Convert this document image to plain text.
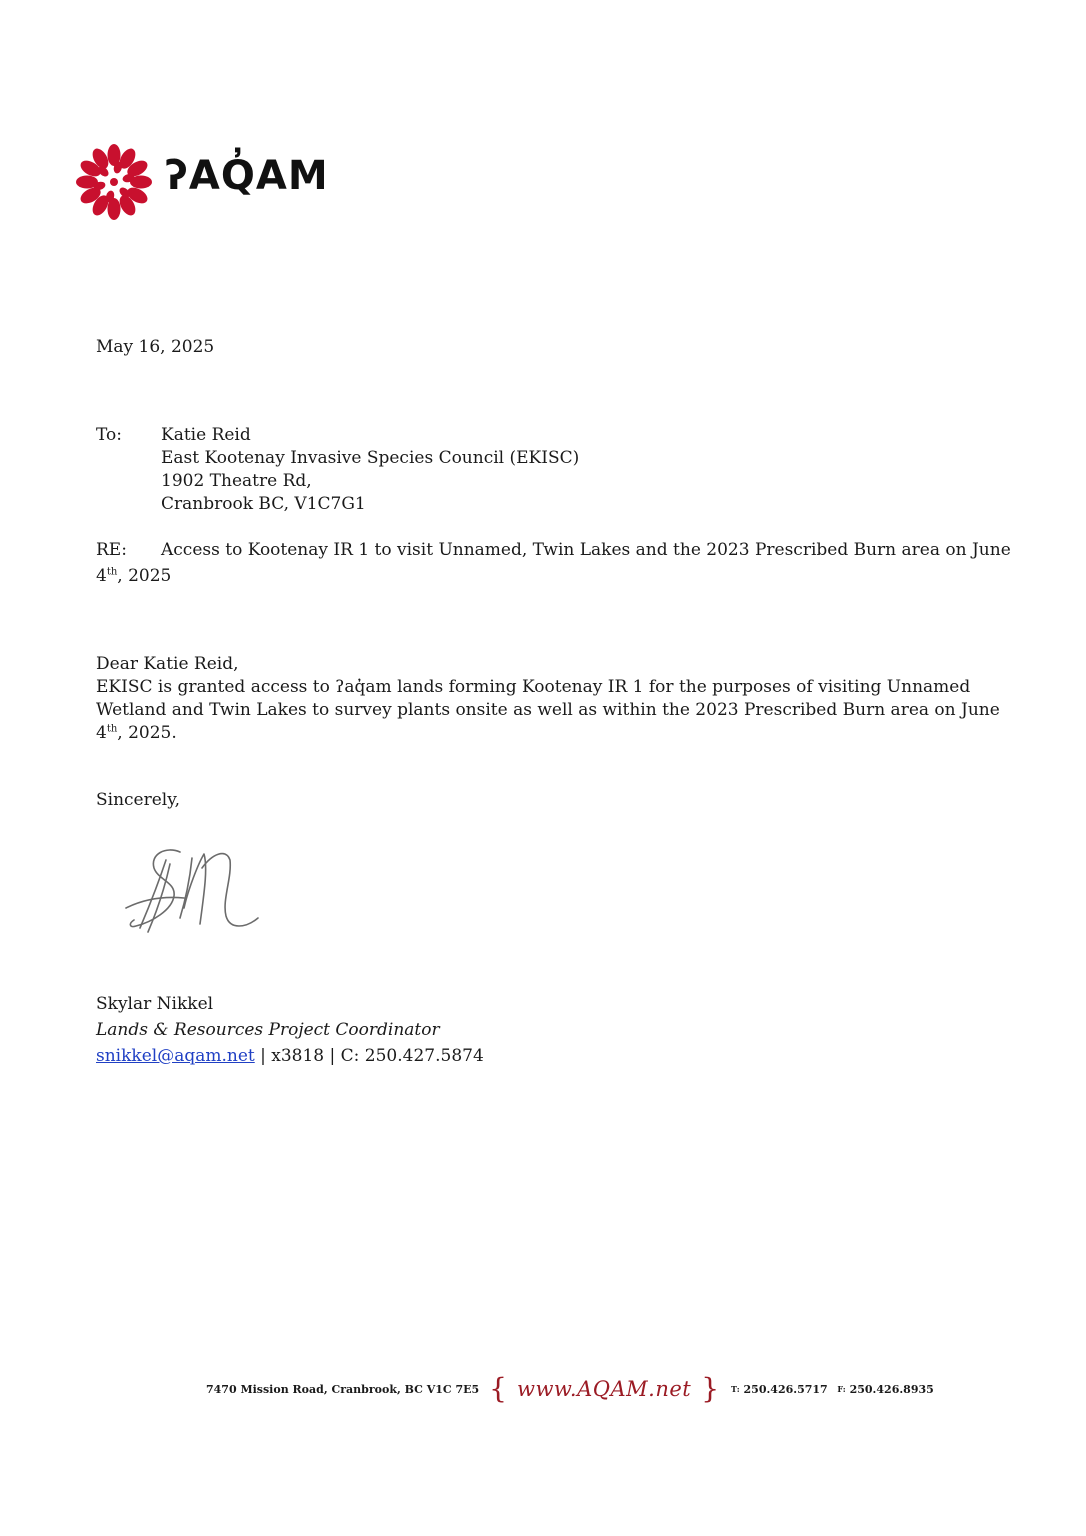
ʔAQ̓AM
May 16, 2025
To: Katie Reid
East Kootenay Invasive Species Council (EKISC)
1902 Theatre Rd,
Cranbrook BC, V1C7G1
RE: Access to Kootenay IR 1 to visit Unnamed, Twin Lakes and the 2023 Prescribed Burn area on June
4th, 2025
Dear Katie Reid,
EKISC is granted access to ʔaq̓am lands forming Kootenay IR 1 for the purposes of visiting Unnamed
Wetland and Twin Lakes to survey plants onsite as well as within the 2023 Prescribed Burn area on June
4th, 2025.
Sincerely,
Skylar Nikkel
Lands & Resources Project Coordinator
snikkel@aqam.net | x3818 | C: 250.427.5874
7470 Mission Road, Cranbrook, BC V1C 7E5 { www.AQAM.net } T:
250.426.5717
F:
250.426.8935
